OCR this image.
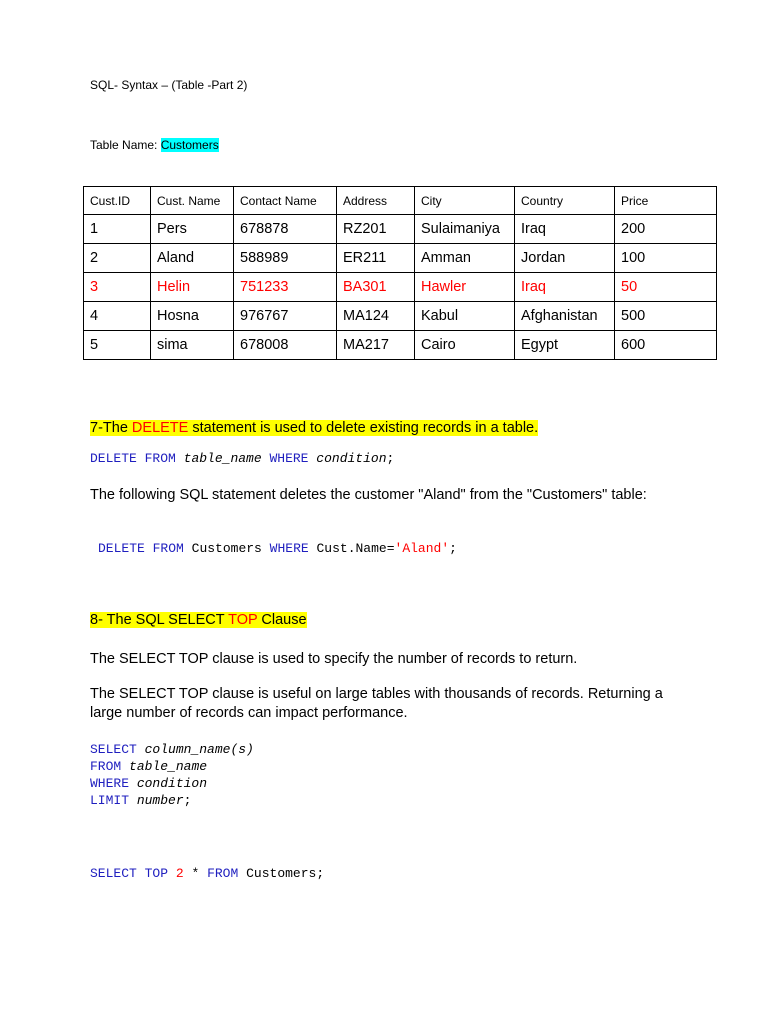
SQL- Syntax – (Table -Part 2)
Table Name: Customers
Cust.ID	Cust. Name	Contact Name	Address	City	Country	Price
1	Pers	678878	RZ201	Sulaimaniya	Iraq	200
2	Aland	588989	ER211	Amman	Jordan	100
3	Helin	751233	BA301	Hawler	Iraq	50
4	Hosna	976767	MA124	Kabul	Afghanistan	500
5	sima	678008	MA217	Cairo	Egypt	600
7-The DELETE statement is used to delete existing records in a table.
DELETE FROM table_name WHERE condition;
The following SQL statement deletes the customer "Aland" from the "Customers" table:
DELETE FROM Customers WHERE Cust.Name='Aland';
8- The SQL SELECT TOP Clause
The SELECT TOP clause is used to specify the number of records to return.
The SELECT TOP clause is useful on large tables with thousands of records. Returning a large number of records can impact performance.
SELECT column_name(s)
FROM table_name
WHERE condition
LIMIT number;
SELECT TOP 2 * FROM Customers;
